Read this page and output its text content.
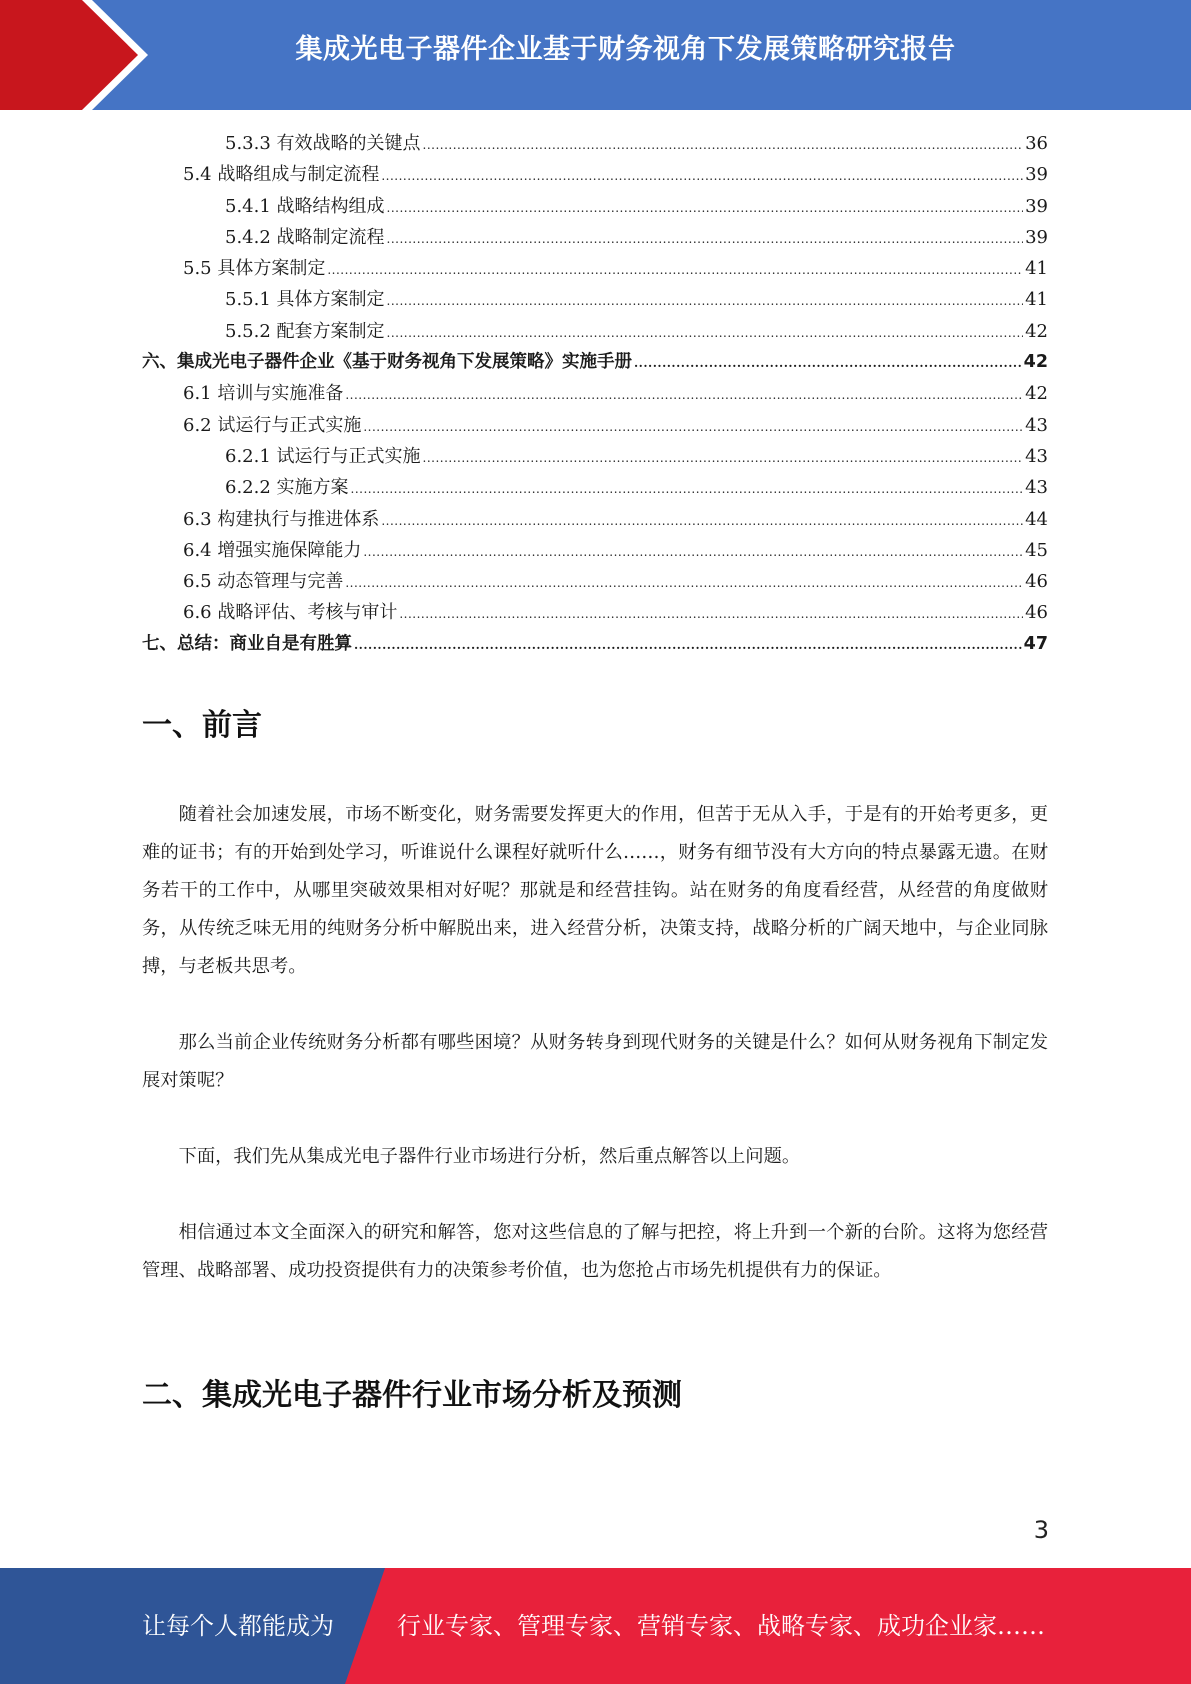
集成光电子器件企业基于财务视角下发展策略研究报告
5.3.3 有效战略的关键点 .....	36
5.4 战略组成与制定流程 .....	39
5.4.1 战略结构组成 .....	39
5.4.2 战略制定流程 .....	39
5.5 具体方案制定 .....	41
5.5.1 具体方案制定 .....	41
5.5.2 配套方案制定 .....	42
六、集成光电子器件企业《基于财务视角下发展策略》实施手册 .....	42
6.1 培训与实施准备 .....	42
6.2 试运行与正式实施 .....	43
6.2.1 试运行与正式实施 .....	43
6.2.2 实施方案 .....	43
6.3 构建执行与推进体系 .....	44
6.4 增强实施保障能力 .....	45
6.5 动态管理与完善 .....	46
6.6 战略评估、考核与审计 .....	46
七、总结：商业自是有胜算 .....	47
一、前言

随着社会加速发展，市场不断变化，财务需要发挥更大的作用，但苦于无从入手，于是有的开始考更多，更难的证书；有的开始到处学习，听谁说什么课程好就听什么……，财务有细节没有大方向的特点暴露无遗。在财务若干的工作中，从哪里突破效果相对好呢？那就是和经营挂钩。站在财务的角度看经营，从经营的角度做财务，从传统乏味无用的纯财务分析中解脱出来，进入经营分析，决策支持，战略分析的广阔天地中，与企业同脉搏，与老板共思考。

那么当前企业传统财务分析都有哪些困境？从财务转身到现代财务的关键是什么？如何从财务视角下制定发展对策呢？

下面，我们先从集成光电子器件行业市场进行分析，然后重点解答以上问题。

相信通过本文全面深入的研究和解答，您对这些信息的了解与把控，将上升到一个新的台阶。这将为您经营管理、战略部署、成功投资提供有力的决策参考价值，也为您抢占市场先机提供有力的保证。

二、集成光电子器件行业市场分析及预测
3
让每个人都能成为	行业专家、管理专家、营销专家、战略专家、成功企业家……
